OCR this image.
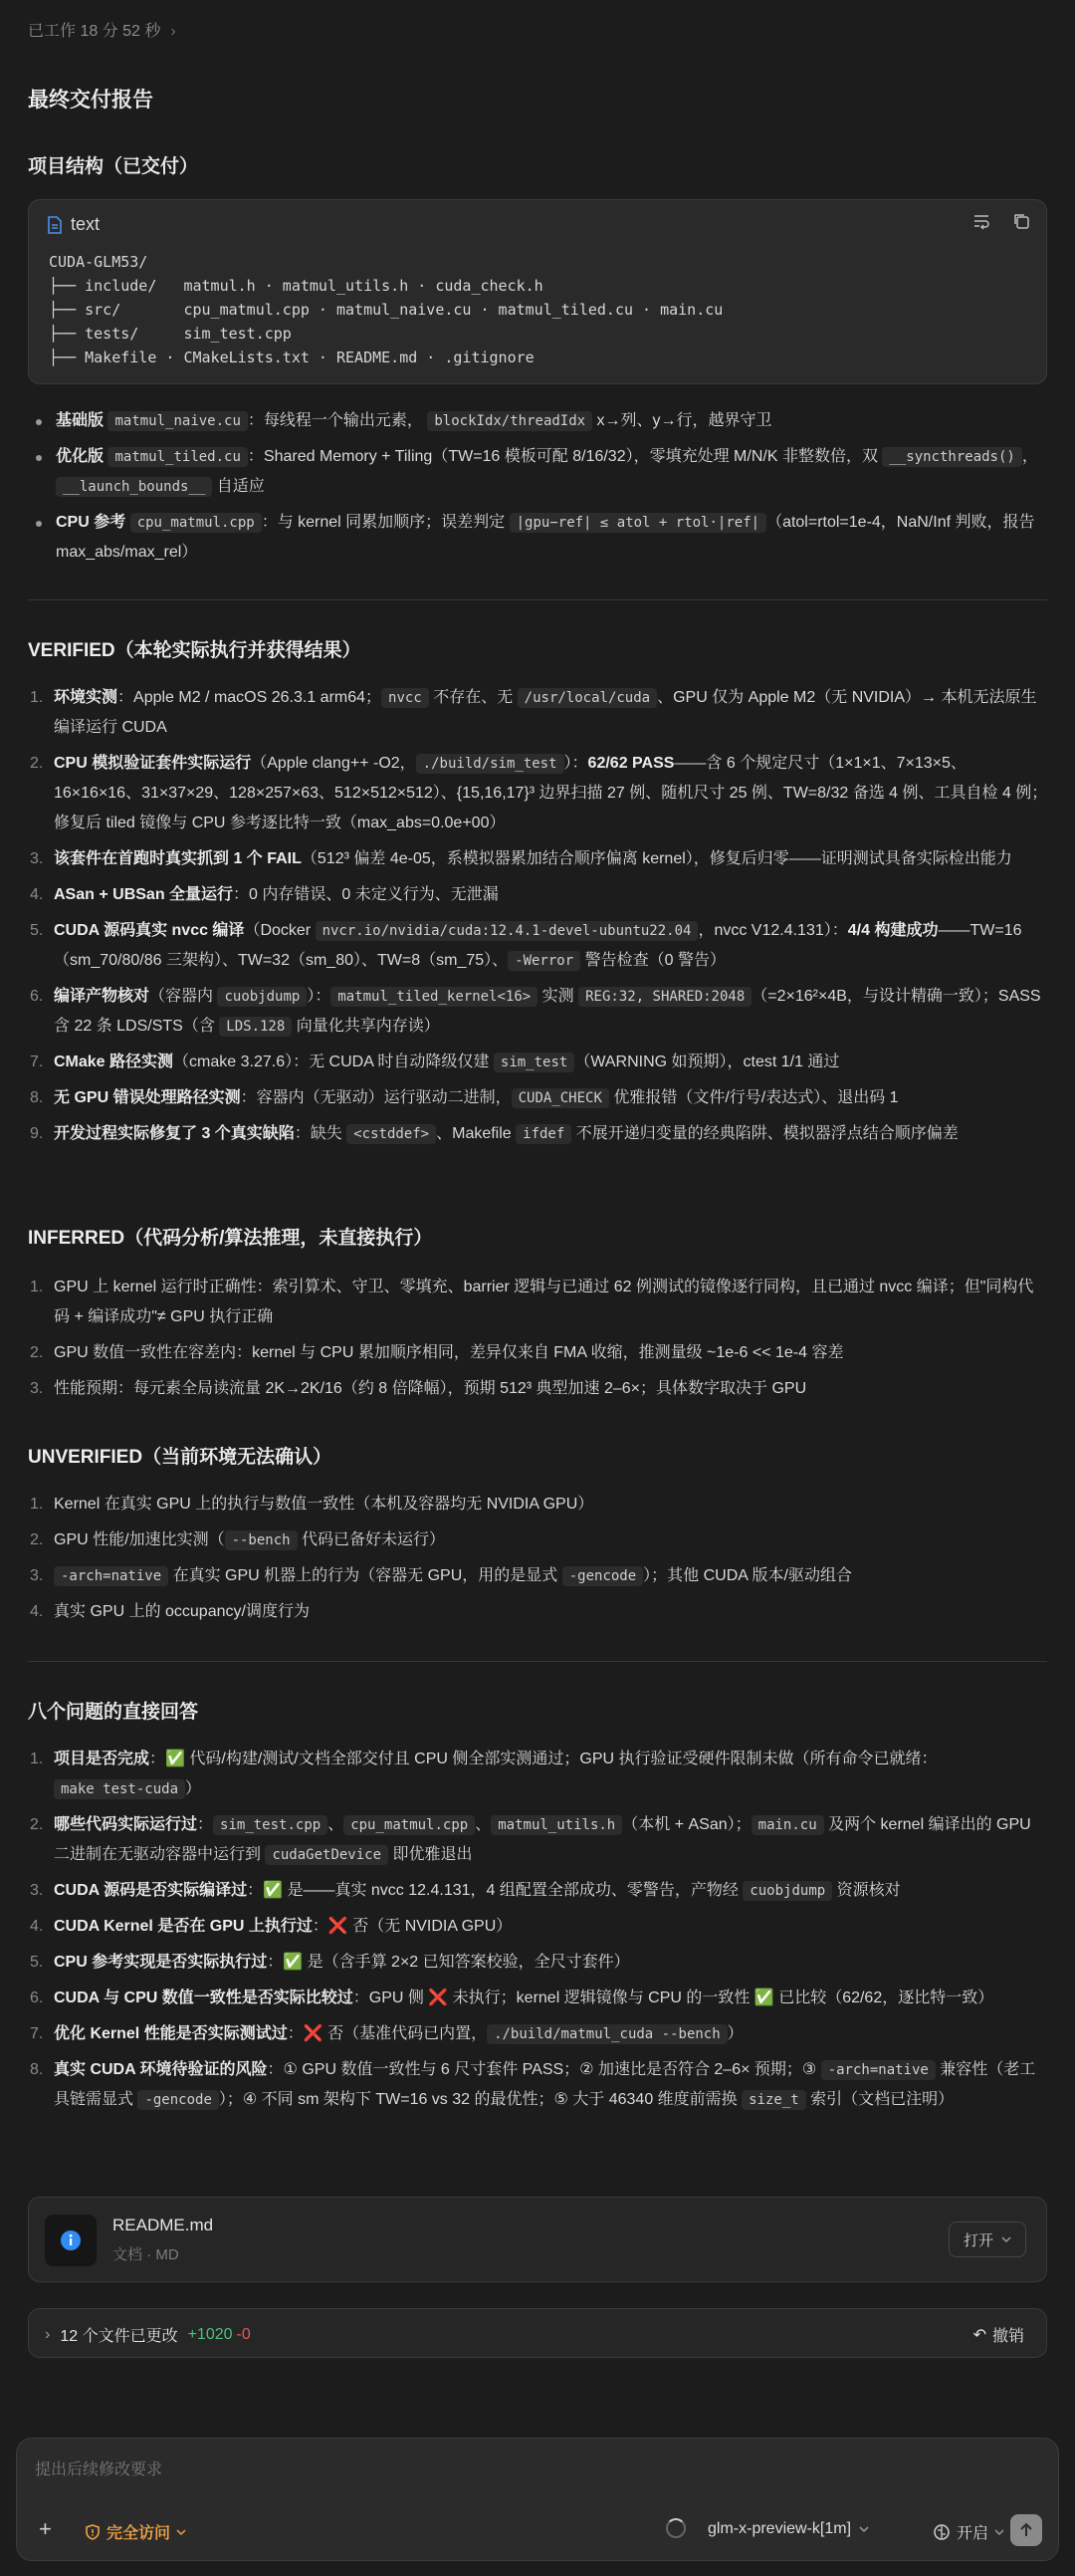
已工作 18 分 52 秒 ›
最终交付报告
项目结构（已交付）
text
CUDA-GLM53/
├── include/   matmul.h · matmul_utils.h · cuda_check.h
├── src/       cpu_matmul.cpp · matmul_naive.cu · matmul_tiled.cu · main.cu
├── tests/     sim_test.cpp
├── Makefile · CMakeLists.txt · README.md · .gitignore
基础版 matmul_naive.cu ：每线程一个输出元素， blockIdx/threadIdx x→列、y→行，越界守卫
优化版 matmul_tiled.cu ：Shared Memory + Tiling（TW=16 模板可配 8/16/32），零填充处理 M/N/K 非整数倍，双 __syncthreads() ， __launch_bounds__ 自适应
CPU 参考 cpu_matmul.cpp ：与 kernel 同累加顺序；误差判定 |gpu−ref| ≤ atol + rtol·|ref| （atol=rtol=1e-4，NaN/Inf 判败，报告 max_abs/max_rel）
VERIFIED（本轮实际执行并获得结果）
1. 环境实测：Apple M2 / macOS 26.3.1 arm64； nvcc 不存在、无 /usr/local/cuda 、GPU 仅为 Apple M2（无 NVIDIA）→ 本机无法原生编译运行 CUDA
2. CPU 模拟验证套件实际运行（Apple clang++ -O2， ./build/sim_test ）：62/62 PASS——含 6 个规定尺寸（1×1×1、7×13×5、16×16×16、31×37×29、128×257×63、512×512×512）、{15,16,17}³ 边界扫描 27 例、随机尺寸 25 例、TW=8/32 备选 4 例、工具自检 4 例；修复后 tiled 镜像与 CPU 参考逐比特一致（max_abs=0.0e+00）
3. 该套件在首跑时真实抓到 1 个 FAIL（512³ 偏差 4e-05，系模拟器累加结合顺序偏离 kernel），修复后归零——证明测试具备实际检出能力
4. ASan + UBSan 全量运行：0 内存错误、0 未定义行为、无泄漏
5. CUDA 源码真实 nvcc 编译（Docker nvcr.io/nvidia/cuda:12.4.1-devel-ubuntu22.04 ，nvcc V12.4.131）：4/4 构建成功——TW=16（sm_70/80/86 三架构）、TW=32（sm_80）、TW=8（sm_75）、 -Werror 警告检查（0 警告）
6. 编译产物核对（容器内 cuobjdump ）： matmul_tiled_kernel<16> 实测 REG:32, SHARED:2048 （=2×16²×4B，与设计精确一致）；SASS 含 22 条 LDS/STS（含 LDS.128 向量化共享内存读）
7. CMake 路径实测（cmake 3.27.6）：无 CUDA 时自动降级仅建 sim_test （WARNING 如预期），ctest 1/1 通过
8. 无 GPU 错误处理路径实测：容器内（无驱动）运行驱动二进制， CUDA_CHECK 优雅报错（文件/行号/表达式）、退出码 1
9. 开发过程实际修复了 3 个真实缺陷：缺失 <cstddef> 、Makefile ifdef 不展开递归变量的经典陷阱、模拟器浮点结合顺序偏差
INFERRED（代码分析/算法推理，未直接执行）
1. GPU 上 kernel 运行时正确性：索引算术、守卫、零填充、barrier 逻辑与已通过 62 例测试的镜像逐行同构，且已通过 nvcc 编译；但"同构代码 + 编译成功"≠ GPU 执行正确
2. GPU 数值一致性在容差内：kernel 与 CPU 累加顺序相同，差异仅来自 FMA 收缩，推测量级 ~1e-6 << 1e-4 容差
3. 性能预期：每元素全局读流量 2K→2K/16（约 8 倍降幅），预期 512³ 典型加速 2–6×；具体数字取决于 GPU
UNVERIFIED（当前环境无法确认）
1. Kernel 在真实 GPU 上的执行与数值一致性（本机及容器均无 NVIDIA GPU）
2. GPU 性能/加速比实测（ --bench 代码已备好未运行）
3. -arch=native 在真实 GPU 机器上的行为（容器无 GPU，用的是显式 -gencode ）；其他 CUDA 版本/驱动组合
4. 真实 GPU 上的 occupancy/调度行为
八个问题的直接回答
1. 项目是否完成：✅ 代码/构建/测试/文档全部交付且 CPU 侧全部实测通过；GPU 执行验证受硬件限制未做（所有命令已就绪：make test-cuda ）
2. 哪些代码实际运行过： sim_test.cpp 、 cpu_matmul.cpp 、 matmul_utils.h （本机 + ASan）； main.cu 及两个 kernel 编译出的 GPU 二进制在无驱动容器中运行到 cudaGetDevice 即优雅退出
3. CUDA 源码是否实际编译过：✅ 是——真实 nvcc 12.4.131，4 组配置全部成功、零警告，产物经 cuobjdump 资源核对
4. CUDA Kernel 是否在 GPU 上执行过：❌ 否（无 NVIDIA GPU）
5. CPU 参考实现是否实际执行过：✅ 是（含手算 2×2 已知答案校验，全尺寸套件）
6. CUDA 与 CPU 数值一致性是否实际比较过：GPU 侧 ❌ 未执行；kernel 逻辑镜像与 CPU 的一致性 ✅ 已比较（62/62，逐比特一致）
7. 优化 Kernel 性能是否实际测试过：❌ 否（基准代码已内置， ./build/matmul_cuda --bench ）
8. 真实 CUDA 环境待验证的风险：① GPU 数值一致性与 6 尺寸套件 PASS；② 加速比是否符合 2–6× 预期；③ -arch=native 兼容性（老工具链需显式 -gencode ）；④ 不同 sm 架构下 TW=16 vs 32 的最优性；⑤ 大于 46340 维度前需换 size_t 索引（文档已注明）
README.md
文档 · MD
打开
› 12 个文件已更改 +1020 -0	↶ 撤销
提出后续修改要求
+	完全访问	glm-x-preview-k[1m]	开启
